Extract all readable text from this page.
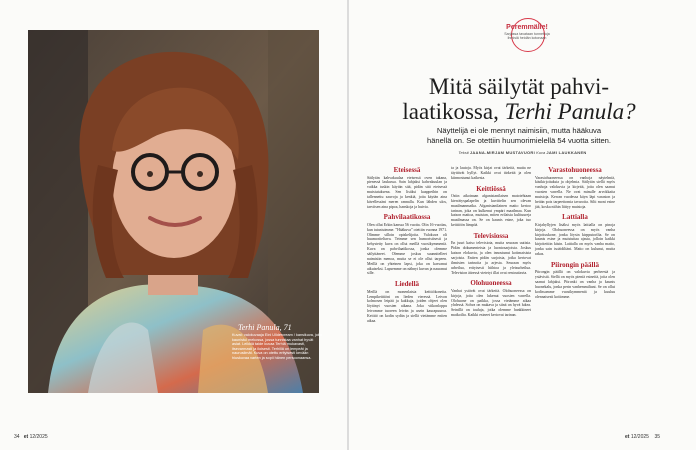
Terhi Panula, 71
Kuvat: valokuvaaja Eini Ulldercream / kansikuva, joka kaunistui mekossa, jossa tunnistaa vanhat hyvät asiat. Leikkiä taide kuvaa Terhiä mukavasti, itsevarmasti ja iloisesti. Terhillä on lempeät ja naurusilmät. Kuva on otettu erityisesti kevään hiuskuvaa varten ja sopii hänen persoonaansa.
34 et 12/2025
Peremmälle!
Sarjassa tavataan tunnettuja ihmisiä heidän kotonaan
Mitä säilytät pahvi-
laatikossa, Terhi Panula?
Näyttelijä ei ole mennyt naimisiin, mutta hääkuva
hänellä on. Se otettiin huumorimielellä 54 vuotta sitten.
Teksti JAANA-MIRJAM MUSTAVUORI Kuva JAMI LAUKKANEN
Eteisessä

Säilytän kahvakuulaa eteisessä oven takana, pienessä laukussa. Sain lahjaksi kahvakuulan ja vaikka tuskin käytän sitä, pidän sitä eteisessä muistutuksena. Sen lisäksi kaappeihin on tallennettu sauvoja ja kenkiä, joita käytän aina kävellessäni meren rannalla. Kun lähden ulos, tarvitsen aina pipoa, hanskoja ja huivia.

Pahvilaatikossa

Olen ollut Erkin kanssa 56 vuotta. Olin 16-vuotias, kun tutustuimme. ”Hääkuva” otettiin vuonna 1971. Olimme silloin opiskelijoita. Valokuva oli huumoriteltava. Teimme sen humoristisesti ja kehystetty kuva on ollut meillä vuosikymmeniä. Kuva on pahvilaatikossa, jonka olemme säilyttäneet. Olemme joskus suunnitelleet naimisiin menoa, mutta se ei ole ollut tarpeen. Meillä on yhteinen lapsi, joka on kasvanut aikuiseksi. Lapsemme on nähnyt kuvan ja nauranut sille.

Liedellä

Meillä on monenlaisia keittiökoneita. Lempikeittiöni on lieden vieressä. Leivon kolmosen leipää ja kakkuja, joiden ohjeet olen löytänyt vuosien aikana. Joka viikonloppu leivomme tuoreen leivän ja usein kaurapuuroa. Keittiö on kodin sydän ja siellä vietämme eniten aikaa.

ta ja lautoja. Myös kirjat ovat tärkeitä, mutta ne täyttävät hyllyt. Kaikki ovat tärkeitä ja olen kiinnostunut kaikesta.

Keittiössä

Ostin aikoinaan afganistanilaisen matotehtaan kierrätyspalapelin ja kuvittelin sen olevan maailmanmatka. Afganistanilainen matto kertoo tarinan, joka on kulkenut ympäri maailmaa. Kun katson mattoa, muistan, miten erilaisia kulttuureja maailmassa on. Se on kaunis esine, joka tuo keittiöön lämpöä.

Televisiossa

En juuri katso televisiota, mutta seuraan uutisia. Pidän dokumenteista ja luontosarjoista. Joskus katson elokuvia, ja olen innostunut kotimaisista sarjoista. Eniten pidän sarjoista, jotka kertovat ihmisten tarinoita ja arjesta. Seuraan myös urheilua, erityisesti hiihtoa ja yleisurheilua. Television ääressä vietetyt illat ovat rentouttavia.

Olohuoneessa

Vanhat ystävät ovat tärkeitä. Olohuoneessa on kirjoja, joita olen lukenut vuosien varrella. Olohuone on paikka, jossa vietämme aikaa yhdessä. Sohva on mukava ja siinä on hyvä lukea. Seinillä on tauluja, jotka olemme hankkineet matkoilta. Kaikki esineet kertovat tarinan.

Varastohuoneessa

Varastohuoneessa on vanhoja näytelmiä, käsikirjoituksia ja ohjelmia. Säilytän siellä myös vanhoja valokuvia ja kirjeitä, joita olen saanut vuosien varrella. Ne ovat minulle arvokkaita muistoja. Kerran vuodessa käyn läpi varaston ja heitän pois tarpeettomia tavaroita. Silti moni esine jää, koska niihin liittyy muistoja.

Lattialla

Kirjahyllyjen lisäksi myös lattialla on pinoja kirjoja. Olohuoneessa on myös vanha kirjoituskone, jonka löysin kirpputorilta. Se on kaunis esine ja muistuttaa ajasta, jolloin kaikki kirjoitettiin käsin. Lattialla on myös vanha matto, jonka sain isoäidiltäni. Matto on kulunut, mutta rakas.

Piirongin päällä

Piirongin päällä on valokuvia perheestä ja ystävistä. Siellä on myös pieniä esineitä, joita olen saanut lahjaksi. Piironki on vanha ja kaunis huonekalu, jonka perin vanhemmiltani. Se on ollut kodissamme vuosikymmeniä ja kuuluu olennaisesti kotiimme.

et 12/2025 35
